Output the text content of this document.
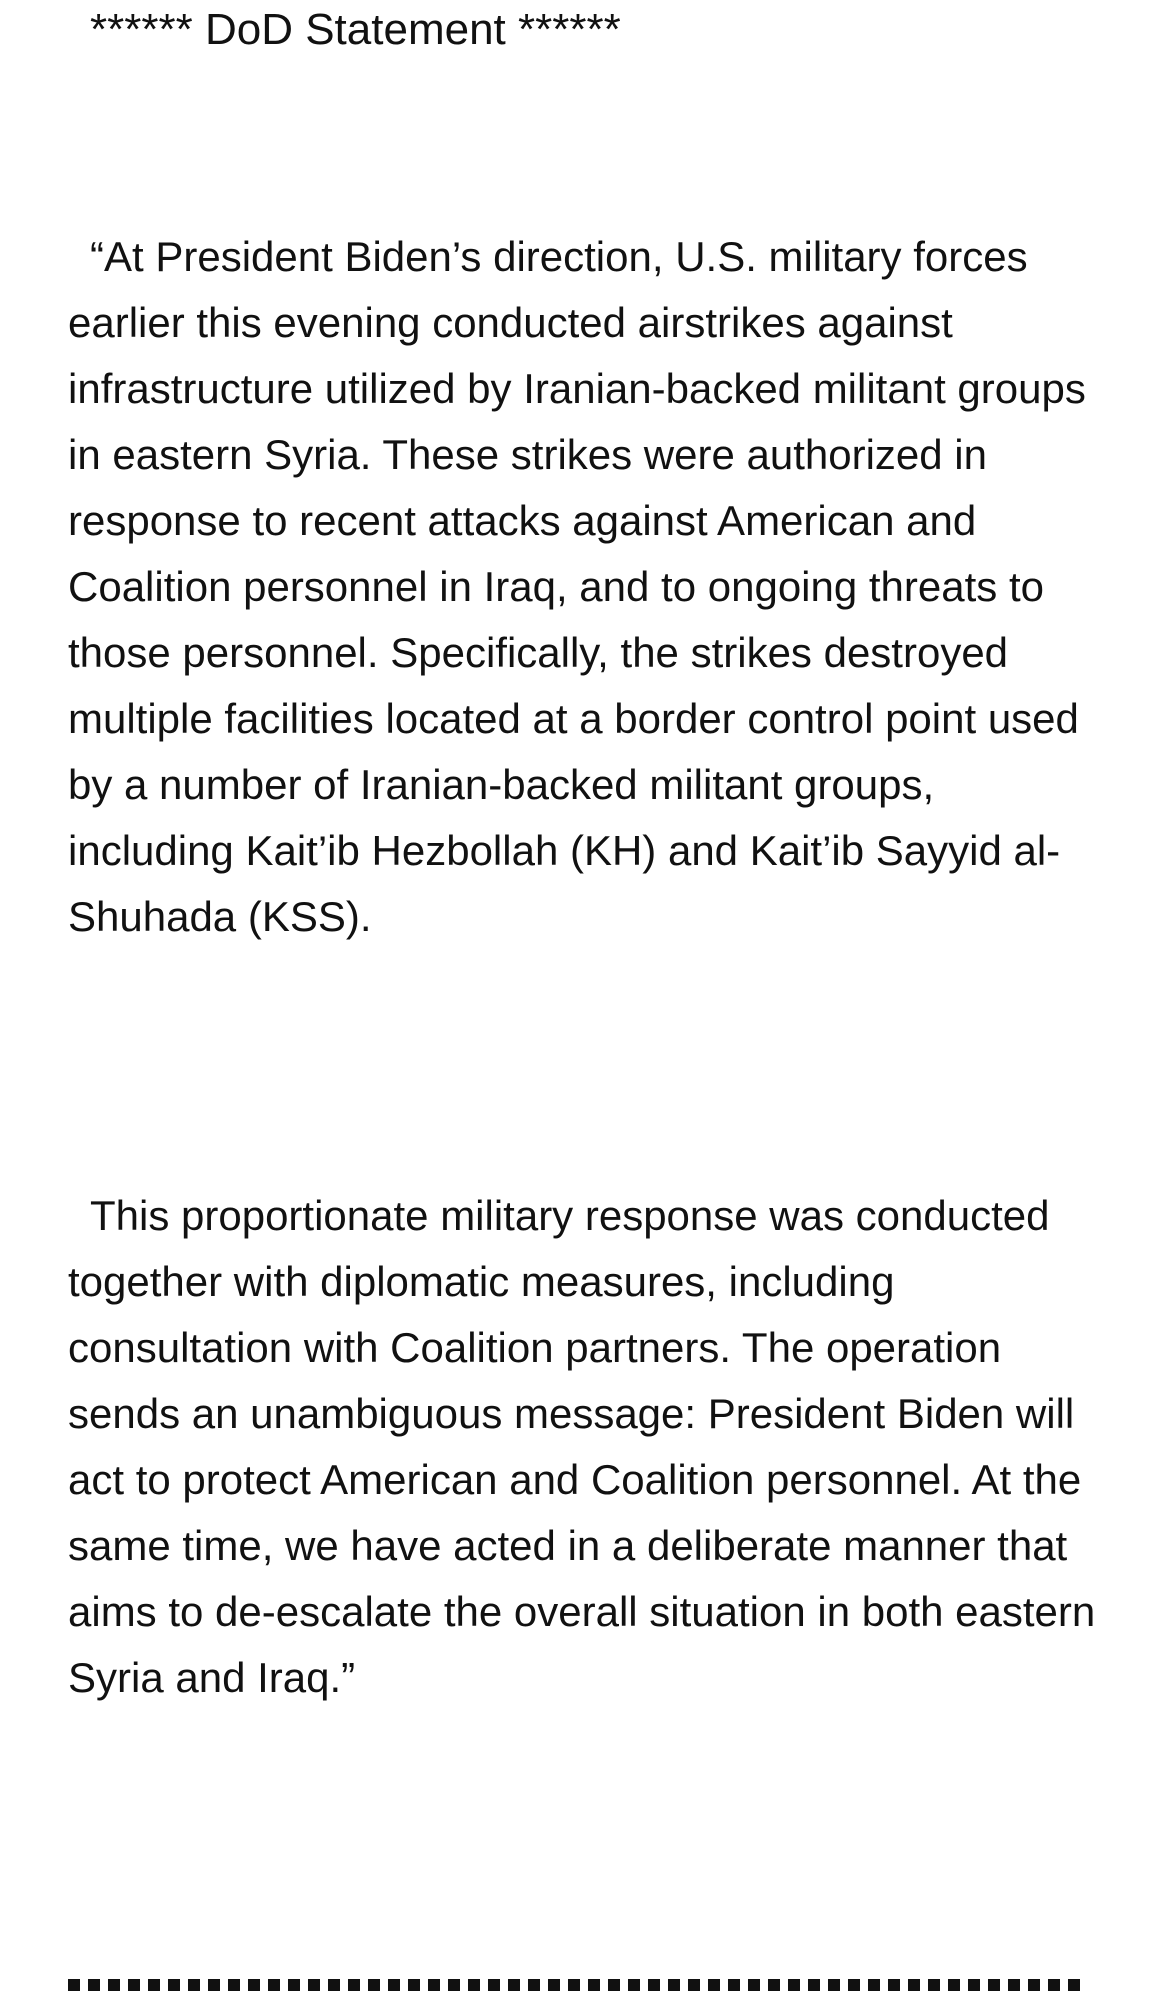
****** DoD Statement ******

“At President Biden’s direction, U.S. military forces earlier this evening conducted airstrikes against infrastructure utilized by Iranian-backed militant groups in eastern Syria. These strikes were authorized in response to recent attacks against American and Coalition personnel in Iraq, and to ongoing threats to those personnel. Specifically, the strikes destroyed multiple facilities located at a border control point used by a number of Iranian-backed militant groups, including Kait’ib Hezbollah (KH) and Kait’ib Sayyid al-Shuhada (KSS).

This proportionate military response was conducted together with diplomatic measures, including consultation with Coalition partners. The operation sends an unambiguous message: President Biden will act to protect American and Coalition personnel. At the same time, we have acted in a deliberate manner that aims to de-escalate the overall situation in both eastern Syria and Iraq.”
